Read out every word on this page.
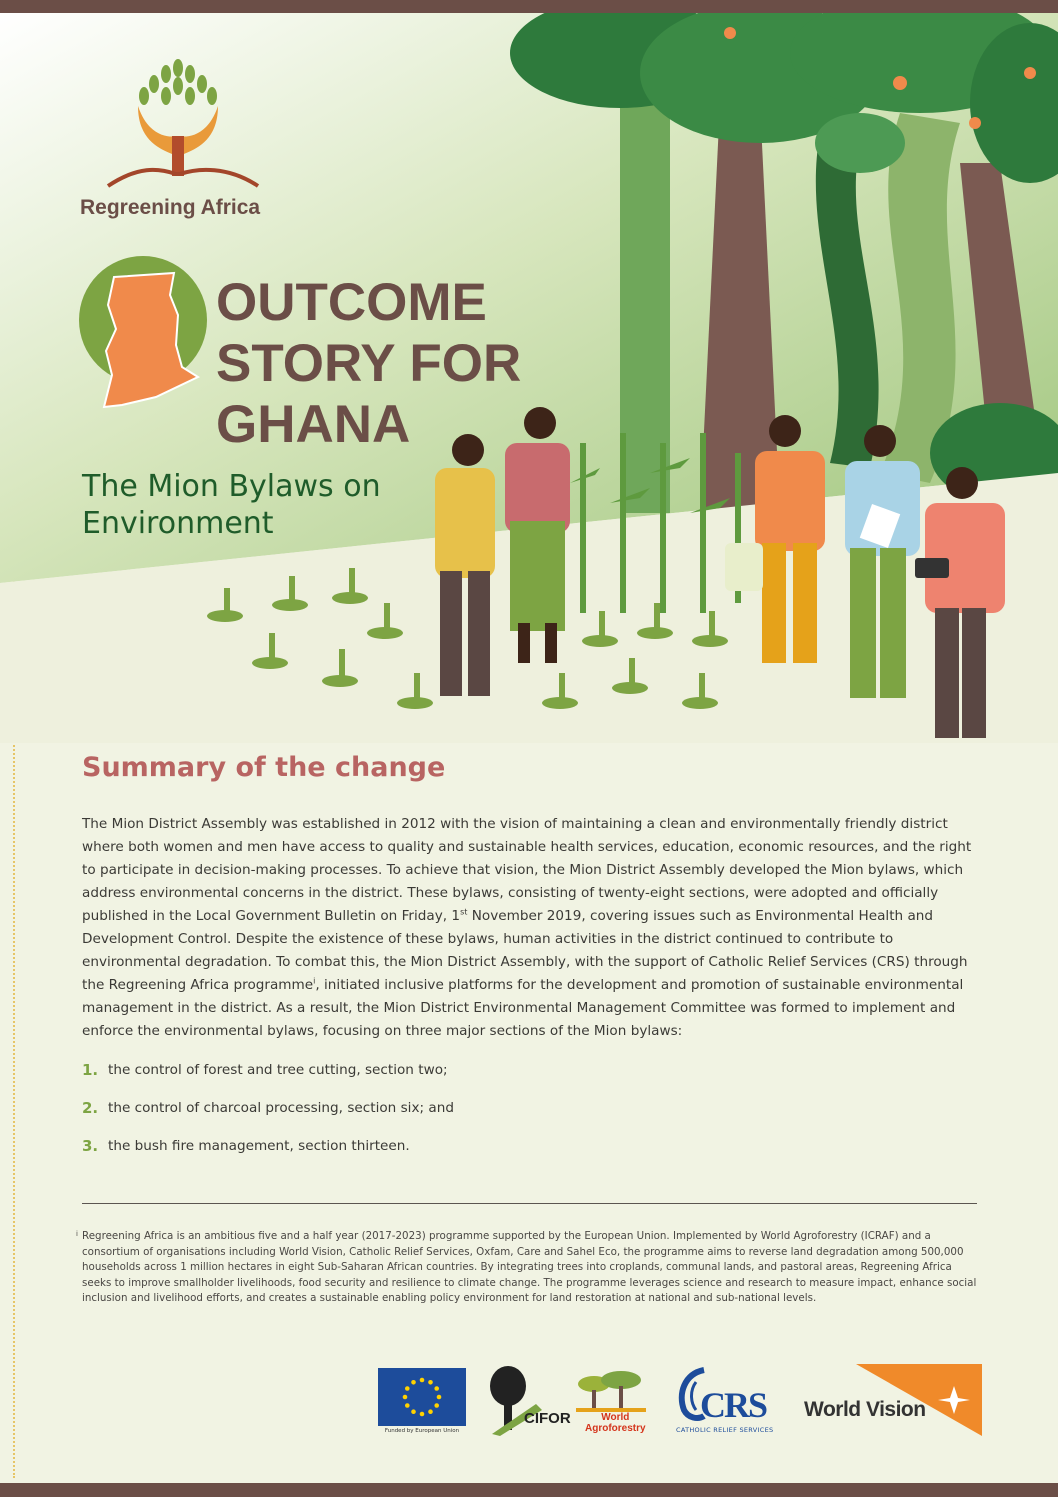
Regreening Africa
OUTCOME
STORY FOR
GHANA
The Mion Bylaws on
Environment
Summary of the change

The Mion District Assembly was established in 2012 with the vision of maintaining a clean and environmentally friendly district where both women and men have access to quality and sustainable health services, education, economic resources, and the right to participate in decision-making processes. To achieve that vision, the Mion District Assembly developed the Mion bylaws, which address environmental concerns in the district. These bylaws, consisting of twenty-eight sections, were adopted and officially published in the Local Government Bulletin on Friday, 1st November 2019, covering issues such as Environmental Health and Development Control. Despite the existence of these bylaws, human activities in the district continued to contribute to environmental degradation. To combat this, the Mion District Assembly, with the support of Catholic Relief Services (CRS) through the Regreening Africa programme$^i$, initiated inclusive platforms for the development and promotion of sustainable environmental management in the district. As a result, the Mion District Environmental Management Committee was formed to implement and enforce the environmental bylaws, focusing on three major sections of the Mion bylaws:

1. the control of forest and tree cutting, section two;
2. the control of charcoal processing, section six; and
3. the bush fire management, section thirteen.

i Regreening Africa is an ambitious five and a half year (2017-2023) programme supported by the European Union. Implemented by World Agroforestry (ICRAF) and a consortium of organisations including World Vision, Catholic Relief Services, Oxfam, Care and Sahel Eco, the programme aims to reverse land degradation among 500,000 households across 1 million hectares in eight Sub-Saharan African countries. By integrating trees into croplands, communal lands, and pastoral areas, Regreening Africa seeks to improve smallholder livelihoods, food security and resilience to climate change. The programme leverages science and research to measure impact, enhance social inclusion and livelihood efforts, and creates a sustainable enabling policy environment for land restoration at national and sub-national levels.

Funded by European Union
CIFOR	World
Agroforestry
CRS
CATHOLIC RELIEF SERVICES
World Vision
